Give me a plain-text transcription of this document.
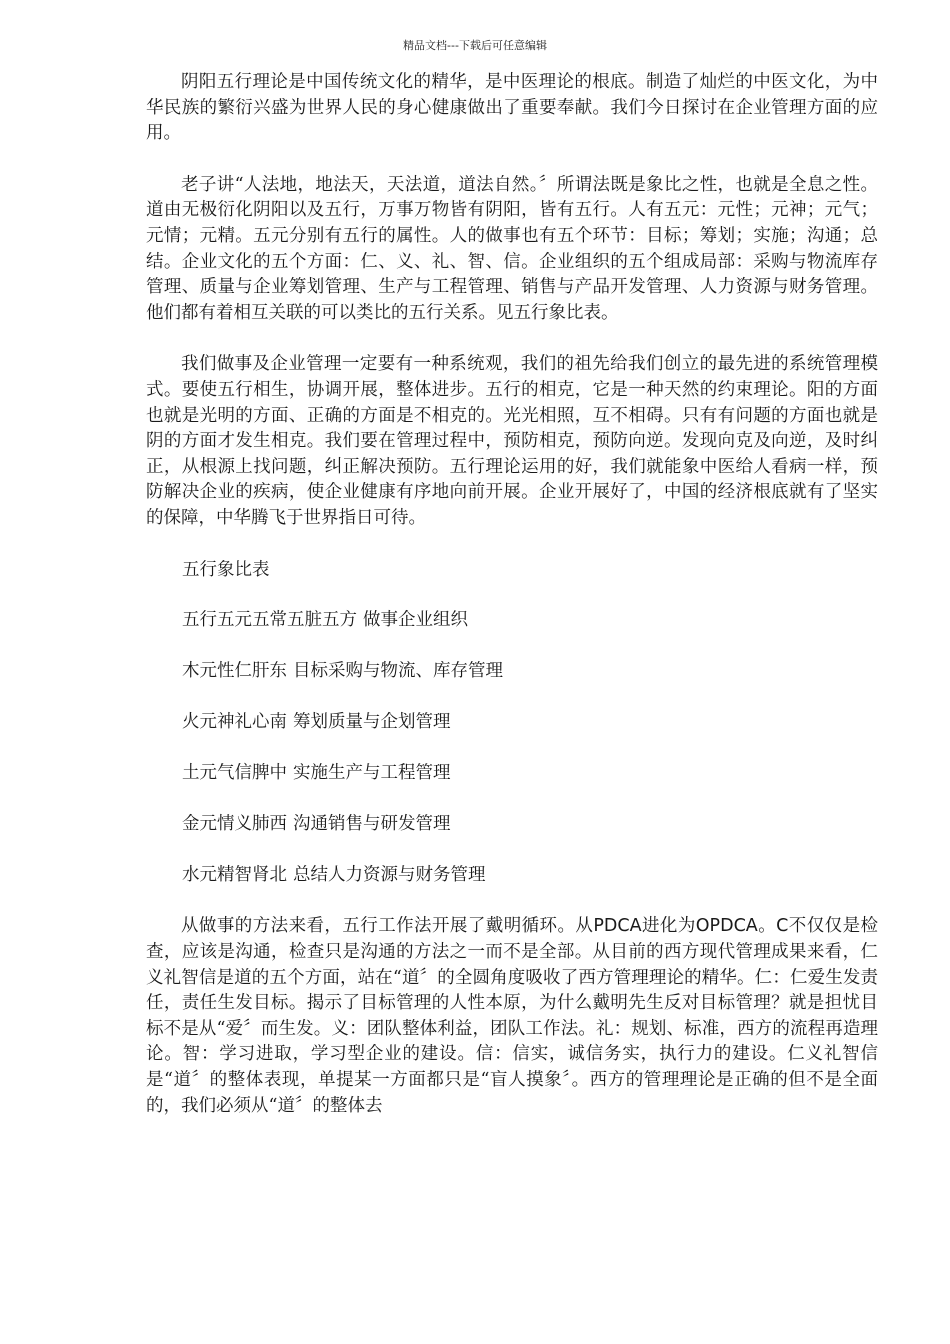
精品文档---下载后可任意编辑

阴阳五行理论是中国传统文化的精华，是中医理论的根底。制造了灿烂的中医文化，为中华民族的繁衍兴盛为世界人民的身心健康做出了重要奉献。我们今日探讨在企业管理方面的应用。

老子讲“人法地，地法天，天法道，道法自然。〞所谓法既是象比之性，也就是全息之性。道由无极衍化阴阳以及五行，万事万物皆有阴阳，皆有五行。人有五元：元性；元神；元气；元情；元精。五元分别有五行的属性。人的做事也有五个环节：目标；筹划；实施；沟通；总结。企业文化的五个方面：仁、义、礼、智、信。企业组织的五个组成局部：采购与物流库存管理、质量与企业筹划管理、生产与工程管理、销售与产品开发管理、人力资源与财务管理。他们都有着相互关联的可以类比的五行关系。见五行象比表。

我们做事及企业管理一定要有一种系统观，我们的祖先给我们创立的最先进的系统管理模式。要使五行相生，协调开展，整体进步。五行的相克，它是一种天然的约束理论。阳的方面也就是光明的方面、正确的方面是不相克的。光光相照，互不相碍。只有有问题的方面也就是阴的方面才发生相克。我们要在管理过程中，预防相克，预防向逆。发现向克及向逆，及时纠正，从根源上找问题，纠正解决预防。五行理论运用的好，我们就能象中医给人看病一样，预防解决企业的疾病，使企业健康有序地向前开展。企业开展好了，中国的经济根底就有了坚实的保障，中华腾飞于世界指日可待。

五行象比表
五行五元五常五脏五方 做事企业组织
木元性仁肝东 目标采购与物流、库存管理
火元神礼心南 筹划质量与企划管理
土元气信脾中 实施生产与工程管理
金元情义肺西 沟通销售与研发管理
水元精智肾北 总结人力资源与财务管理

从做事的方法来看，五行工作法开展了戴明循环。从PDCA进化为OPDCA。C不仅仅是检查，应该是沟通，检查只是沟通的方法之一而不是全部。从目前的西方现代管理成果来看，仁义礼智信是道的五个方面，站在“道〞的全圆角度吸收了西方管理理论的精华。仁：仁爱生发责任，责任生发目标。揭示了目标管理的人性本原，为什么戴明先生反对目标管理？就是担忧目标不是从“爱〞而生发。义：团队整体利益，团队工作法。礼：规划、标准，西方的流程再造理论。智：学习进取，学习型企业的建设。信：信实，诚信务实，执行力的建设。仁义礼智信是“道〞的整体表现，单提某一方面都只是“盲人摸象〞。西方的管理理论是正确的但不是全面的，我们必须从“道〞的整体去
